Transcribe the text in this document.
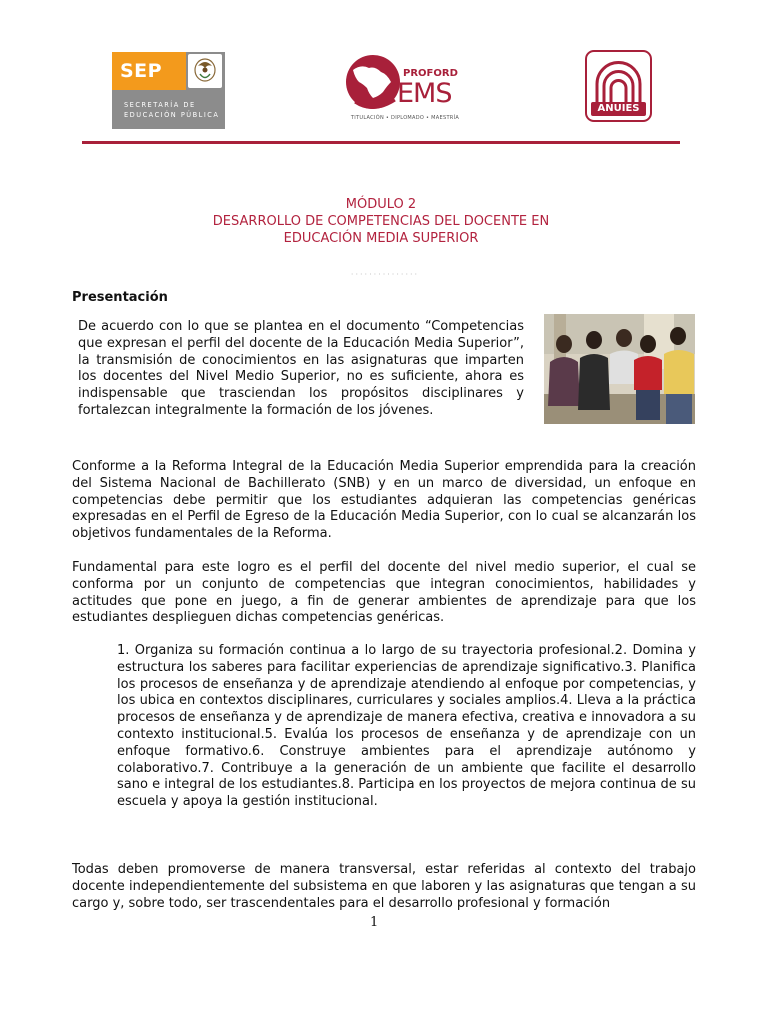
SEP
SECRETARÍA DE
EDUCACIÓN PÚBLICA
PROFORD
EMS
TITULACIÓN • DIPLOMADO • MAESTRÍA
ANUIES
MÓDULO 2
DESARROLLO DE COMPETENCIAS DEL DOCENTE EN
EDUCACIÓN MEDIA SUPERIOR
···············
Presentación

De acuerdo con lo que se plantea en el documento “Competencias que expresan el perfil del docente de la Educación Media Superior”, la transmisión de conocimientos en las asignaturas que imparten los docentes del Nivel Medio Superior, no es suficiente, ahora es indispensable que trasciendan los propósitos disciplinares y fortalezcan integralmente la formación de los jóvenes.

Conforme a la Reforma Integral de la Educación Media Superior emprendida para la creación del Sistema Nacional de Bachillerato (SNB) y en un marco de diversidad, un enfoque en competencias debe permitir que los estudiantes adquieran las competencias genéricas expresadas en el Perfil de Egreso de la Educación Media Superior, con lo cual se alcanzarán los objetivos fundamentales de la Reforma.

Fundamental para este logro es el perfil del docente del nivel medio superior, el cual se conforma por un conjunto de competencias que integran conocimientos, habilidades y actitudes que pone en juego, a fin de generar ambientes de aprendizaje para que los estudiantes desplieguen dichas competencias genéricas.

1. Organiza su formación continua a lo largo de su trayectoria profesional.2. Domina y estructura los saberes para facilitar experiencias de aprendizaje significativo.3. Planifica los procesos de enseñanza y de aprendizaje atendiendo al enfoque por competencias, y los ubica en contextos disciplinares, curriculares y sociales amplios.4. Lleva a la práctica procesos de enseñanza y de aprendizaje de manera efectiva, creativa e innovadora a su contexto institucional.5. Evalúa los procesos de enseñanza y de aprendizaje con un enfoque formativo.6. Construye ambientes para el aprendizaje autónomo y colaborativo.7. Contribuye a la generación de un ambiente que facilite el desarrollo sano e integral de los estudiantes.8. Participa en los proyectos de mejora continua de su escuela y apoya la gestión institucional.

Todas deben promoverse de manera transversal, estar referidas al contexto del trabajo docente independientemente del subsistema en que laboren y las asignaturas que tengan a su cargo y, sobre todo, ser trascendentales para el desarrollo profesional y formación

1
